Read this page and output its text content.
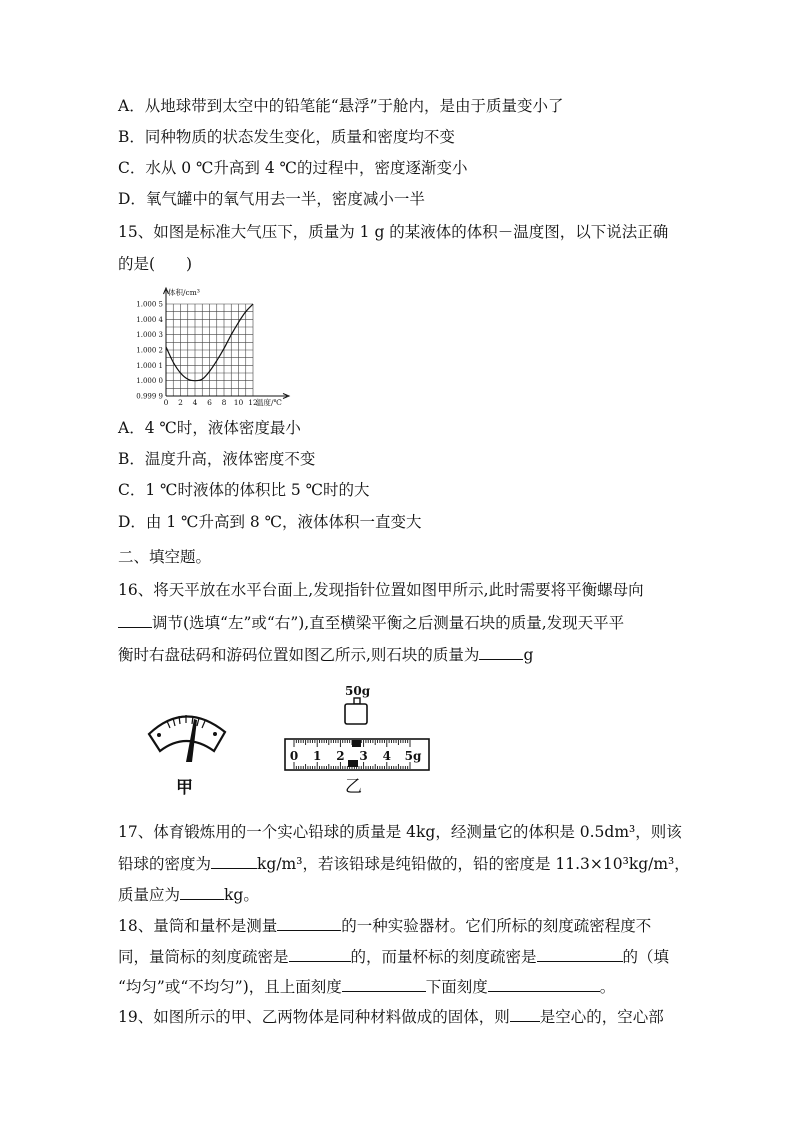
A．从地球带到太空中的铅笔能“悬浮”于舱内，是由于质量变小了
B．同种物质的状态发生变化，质量和密度均不变
C．水从 0 ℃升高到 4 ℃的过程中，密度逐渐变小
D．氧气罐中的氧气用去一半，密度减小一半
15、如图是标准大气压下，质量为 1 g 的某液体的体积－温度图，以下说法正确
的是(　　)
0 2 4 6 8 10 12
1.000 5
1.000 4
1.000 3
1.000 2
1.000 1
1.000 0
0.999 9
体积/cm³
温度/℃
A．4 ℃时，液体密度最小
B．温度升高，液体密度不变
C．1 ℃时液体的体积比 5 ℃时的大
D．由 1 ℃升高到 8 ℃，液体体积一直变大
二、填空题。
16、将天平放在水平台面上,发现指针位置如图甲所示,此时需要将平衡螺母向
调节(选填“左”或“右”),直至横梁平衡之后测量石块的质量,发现天平平
衡时右盘砝码和游码位置如图乙所示,则石块的质量为	g
甲
50g
0 1 2 3 4 5g
乙
17、体育锻炼用的一个实心铅球的质量是 4kg，经测量它的体积是 0.5dm³，则该
铅球的密度为	kg/m³，若该铅球是纯铅做的，铅的密度是 11.3×10³kg/m³，
质量应为	kg。
18、量筒和量杯是测量	的一种实验器材。它们所标的刻度疏密程度不
同，量筒标的刻度疏密是	的，而量杯标的刻度疏密是	的（填
“均匀”或“不均匀”)，且上面刻度	下面刻度	。
19、如图所示的甲、乙两物体是同种材料做成的固体，则 是空心的，空心部
